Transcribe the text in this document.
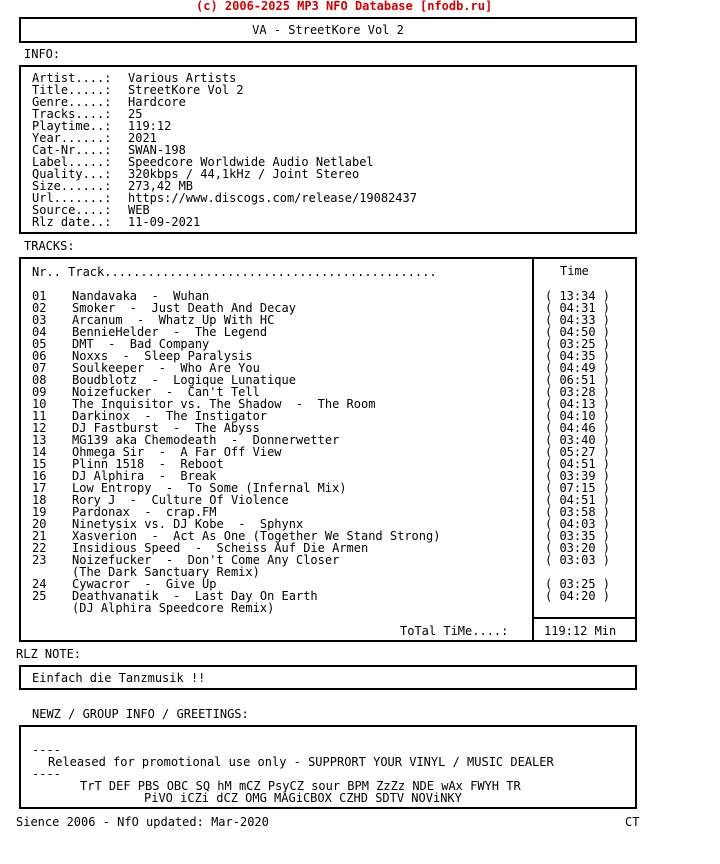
(c) 2006-2025 MP3 NFO Database [nfodb.ru]
VA - StreetKore Vol 2
INFO:
Artist....: Various Artists
Title.....: StreetKore Vol 2
Genre.....: Hardcore
Tracks....: 25
Playtime..: 119:12
Year......: 2021
Cat-Nr....: SWAN-198
Label.....: Speedcore Worldwide Audio Netlabel
Quality...: 320kbps / 44,1kHz / Joint Stereo
Size......: 273,42 MB
Url.......: https://www.discogs.com/release/19082437
Source....: WEB
Rlz date..: 11-09-2021
TRACKS:
Nr.. Track..............................................	Time
01 Nandavaka  -  Wuhan	( 13:34 )
02 Smoker  -  Just Death And Decay	( 04:31 )
03 Arcanum  -  Whatz Up With HC	( 04:33 )
04 BennieHelder  -  The Legend	( 04:50 )
05 DMT  -  Bad Company	( 03:25 )
06 Noxxs  -  Sleep Paralysis	( 04:35 )
07 Soulkeeper  -  Who Are You	( 04:49 )
08 Boudblotz  -  Logique Lunatique	( 06:51 )
09 Noizefucker  -  Can't Tell	( 03:28 )
10 The Inquisitor vs. The Shadow  -  The Room	( 04:13 )
11 Darkinox  -  The Instigator	( 04:10 )
12 DJ Fastburst  -  The Abyss	( 04:46 )
13 MG139 aka Chemodeath  -  Donnerwetter	( 03:40 )
14 Ohmega Sir  -  A Far Off View	( 05:27 )
15 Plinn 1518  -  Reboot	( 04:51 )
16 DJ Alphira  -  Break	( 03:39 )
17 Low Entropy  -  To Some (Infernal Mix)	( 07:15 )
18 Rory J  -  Culture Of Violence	( 04:51 )
19 Pardonax  -  crap.FM	( 03:58 )
20 Ninetysix vs. DJ Kobe  -  Sphynx	( 04:03 )
21 Xasverion  -  Act As One (Together We Stand Strong)	( 03:35 )
22 Insidious Speed  -  Scheiss Auf Die Armen	( 03:20 )
23 Noizefucker  -  Don't Come Any Closer	( 03:03 )
(The Dark Sanctuary Remix)
24 Cywacror  -  Give Up	( 03:25 )
25 Deathvanatik  -  Last Day On Earth	( 04:20 )
(DJ Alphira Speedcore Remix)
ToTal TiMe....:	119:12 Min
RLZ NOTE:
Einfach die Tanzmusik !!
NEWZ / GROUP INFO / GREETINGS:
----
Released for promotional use only - SUPPRORT YOUR VINYL / MUSIC DEALER
----
TrT DEF PBS OBC SQ hM mCZ PsyCZ sour BPM ZzZz NDE wAx FWYH TR
PiVO iCZi dCZ OMG MAGiCBOX CZHD SDTV NOViNKY
Sience 2006 - NfO updated: Mar-2020	CT
